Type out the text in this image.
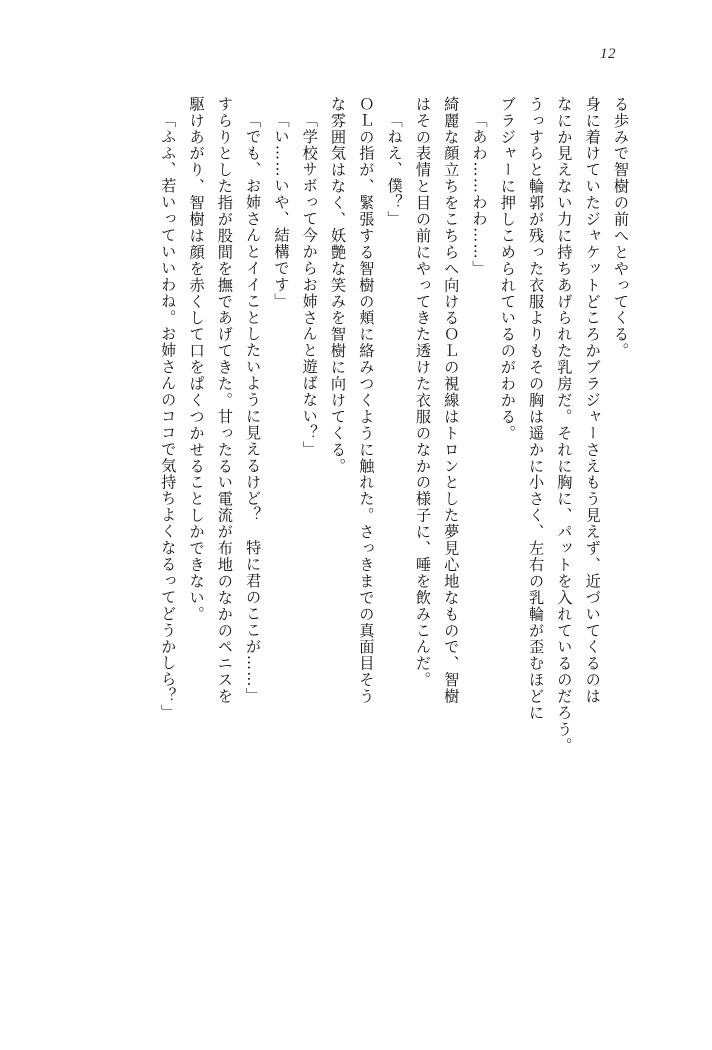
12
る歩みで智樹の前へとやってくる。
身に着けていたジャケットどころかブラジャーさえもう見えず、近づいてくるのは
なにか見えない力に持ちあげられた乳房だ。それに胸に、パットを入れているのだろう。
うっすらと輪郭が残った衣服よりもその胸は遥かに小さく、左右の乳輪が歪むほどに
ブラジャーに押しこめられているのがわかる。
「あわ……わわ……」
綺麗な顔立ちをこちらへ向けるＯＬの視線はトロンとした夢見心地なもので、智樹
はその表情と目の前にやってきた透けた衣服のなかの様子に、唾を飲みこんだ。
「ねえ、僕？」
ＯＬの指が、緊張する智樹の頬に絡みつくように触れた。さっきまでの真面目そう
な雰囲気はなく、妖艶な笑みを智樹に向けてくる。
「学校サボって今からお姉さんと遊ばない？」
「い……いや、結構です」
「でも、お姉さんとイイことしたいように見えるけど？　特に君のここが……」
すらりとした指が股間を撫であげてきた。甘ったるい電流が布地のなかのペニスを
駆けあがり、智樹は顔を赤くして口をぱくつかせることしかできない。
「ふふ、若いっていいわね。お姉さんのココで気持ちよくなるってどうかしら？」
